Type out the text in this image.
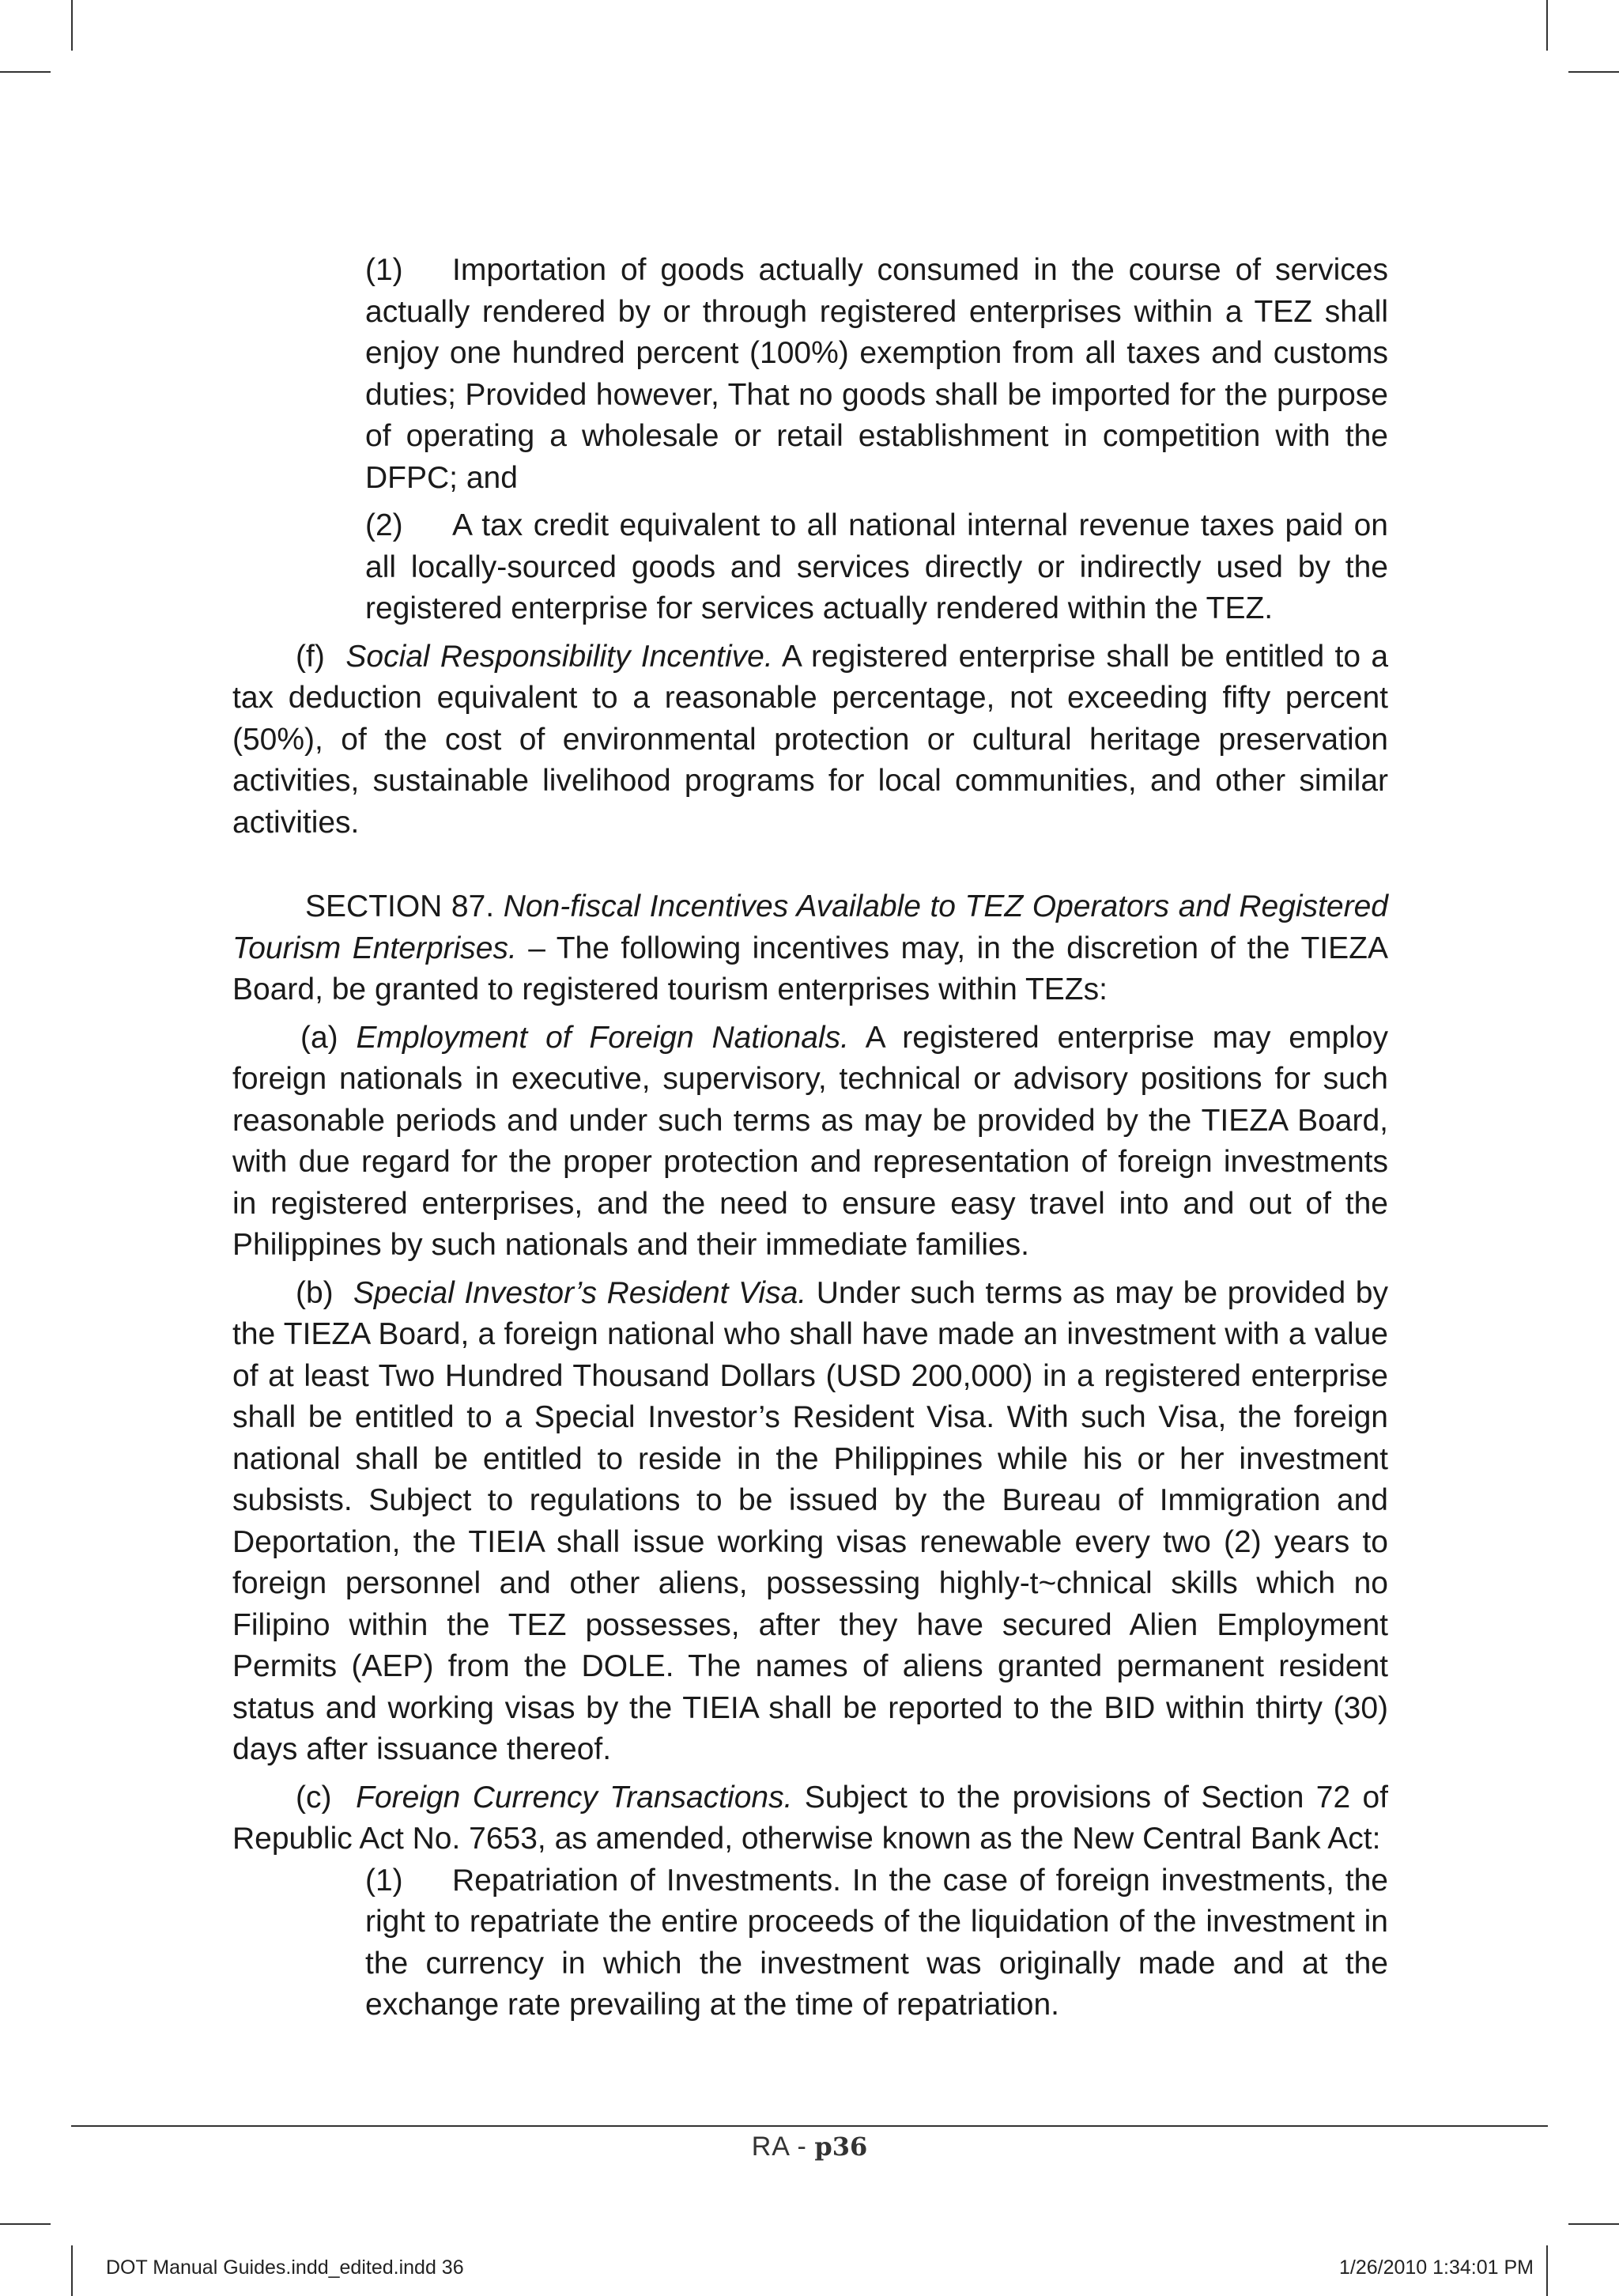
(1) Importation of goods actually consumed in the course of services actually rendered by or through registered enterprises within a TEZ shall enjoy one hundred percent (100%) exemption from all taxes and customs duties; Provided however, That no goods shall be imported for the purpose of operating a wholesale or retail establishment in competition with the DFPC; and

(2) A tax credit equivalent to all national internal revenue taxes paid on all locally-sourced goods and services directly or indirectly used by the registered enterprise for services actually rendered within the TEZ.

(f) Social Responsibility Incentive. A registered enterprise shall be entitled to a tax deduction equivalent to a reasonable percentage, not exceeding fifty percent (50%), of the cost of environmental protection or cultural heritage preservation activities, sustainable livelihood programs for local communities, and other similar activities.

SECTION 87. Non-fiscal Incentives Available to TEZ Operators and Registered Tourism Enterprises. – The following incentives may, in the discretion of the TIEZA Board, be granted to registered tourism enterprises within TEZs:

(a) Employment of Foreign Nationals. A registered enterprise may employ foreign nationals in executive, supervisory, technical or advisory positions for such reasonable periods and under such terms as may be provided by the TIEZA Board, with due regard for the proper protection and representation of foreign investments in registered enterprises, and the need to ensure easy travel into and out of the Philippines by such nationals and their immediate families.

(b) Special Investor’s Resident Visa. Under such terms as may be provided by the TIEZA Board, a foreign national who shall have made an investment with a value of at least Two Hundred Thousand Dollars (USD 200,000) in a registered enterprise shall be entitled to a Special Investor’s Resident Visa. With such Visa, the foreign national shall be entitled to reside in the Philippines while his or her investment subsists. Subject to regulations to be issued by the Bureau of Immigration and Deportation, the TIEIA shall issue working visas renewable every two (2) years to foreign personnel and other aliens, possessing highly-t~chnical skills which no Filipino within the TEZ possesses, after they have secured Alien Employment Permits (AEP) from the DOLE. The names of aliens granted permanent resident status and working visas by the TIEIA shall be reported to the BID within thirty (30) days after issuance thereof.

(c) Foreign Currency Transactions. Subject to the provisions of Section 72 of Republic Act No. 7653, as amended, otherwise known as the New Central Bank Act:

(1) Repatriation of Investments. In the case of foreign investments, the right to repatriate the entire proceeds of the liquidation of the investment in the currency in which the investment was originally made and at the exchange rate prevailing at the time of repatriation.

RA - p36
DOT Manual Guides.indd_edited.indd 36	1/26/2010 1:34:01 PM
